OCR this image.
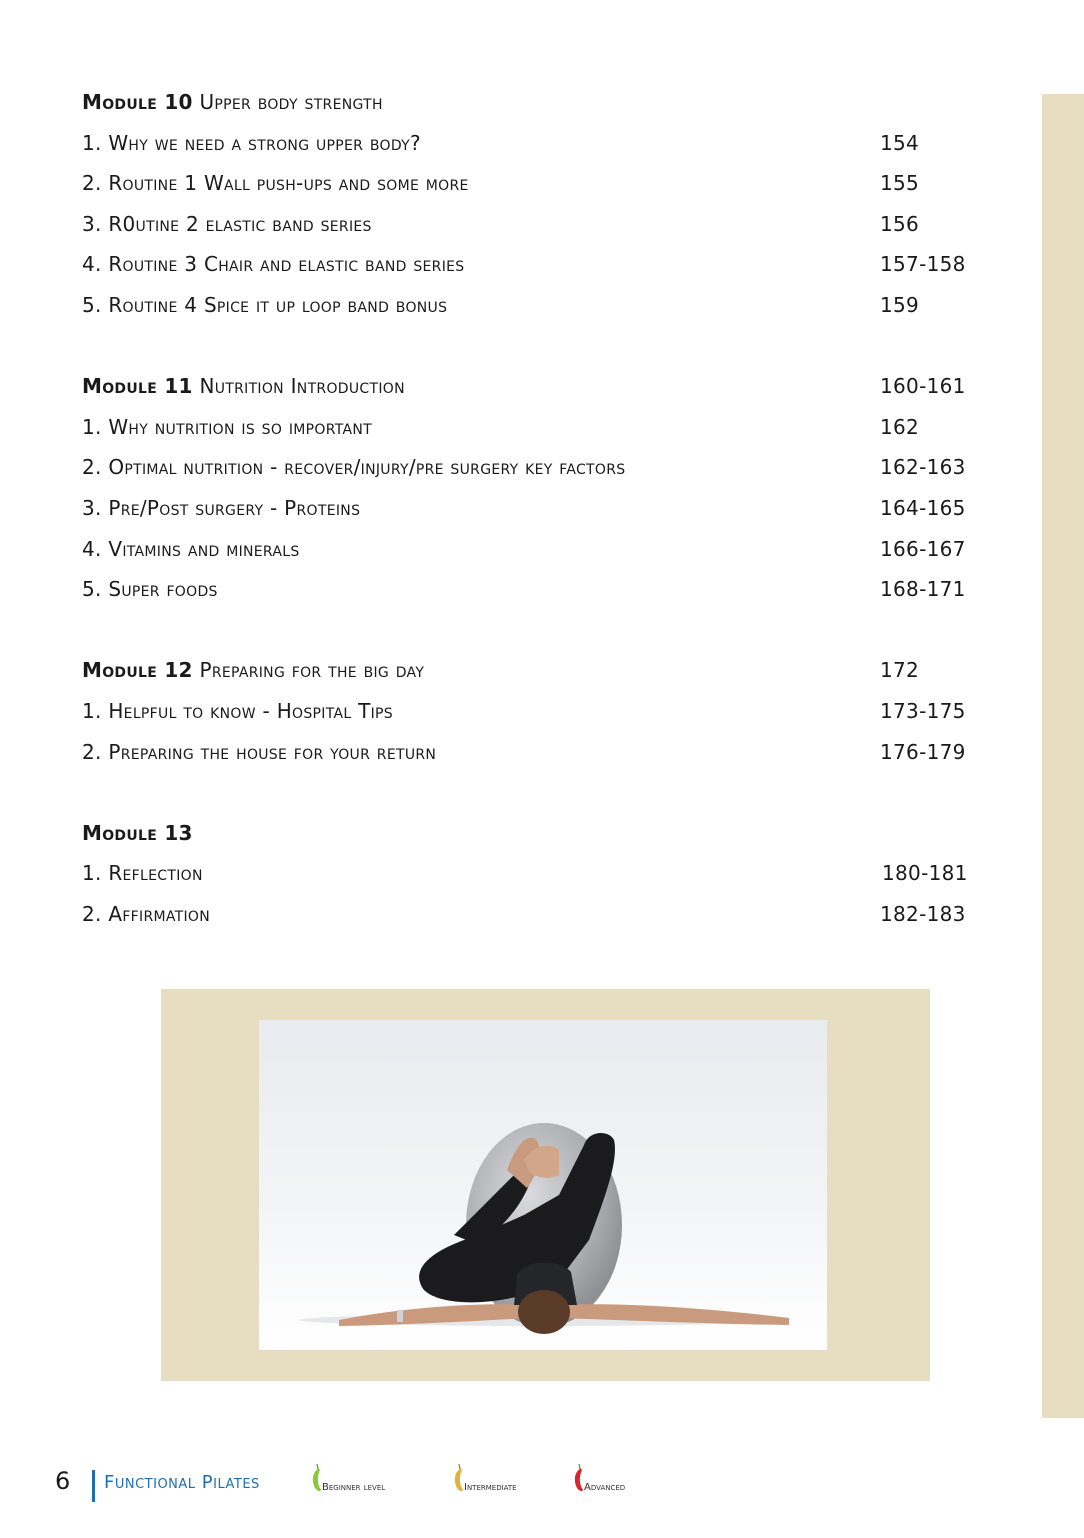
Module 10 Upper body strength
1. Why we need a strong upper body?	154
2. Routine 1 Wall push-ups and some more	155
3. R0utine 2 elastic band series	156
4. Routine 3 Chair and elastic band series	157-158
5. Routine 4 Spice it up loop band bonus	159
Module 11 Nutrition Introduction	160-161
1. Why nutrition is so important	162
2. Optimal nutrition - recover/injury/pre surgery key factors	162-163
3. Pre/Post surgery - Proteins	164-165
4. Vitamins and minerals	166-167
5. Super foods	168-171
Module 12 Preparing for the big day	172
1. Helpful to know - Hospital Tips	173-175
2. Preparing the house for your return	176-179
Module 13
1. Reflection	180-181
2. Affirmation	182-183
6 Functional Pilates	Beginner level	Intermediate	Advanced
